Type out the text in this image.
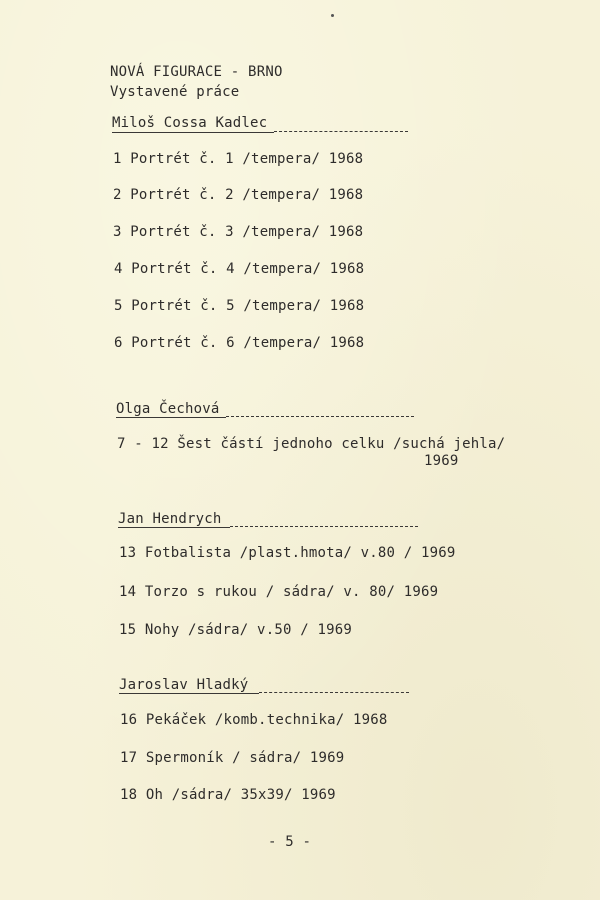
NOVÁ FIGURACE - BRNO
Vystavené práce
Miloš Cossa Kadlec
1 Portrét č. 1 /tempera/ 1968
2 Portrét č. 2 /tempera/ 1968
3 Portrét č. 3 /tempera/ 1968
4 Portrét č. 4 /tempera/ 1968
5 Portrét č. 5 /tempera/ 1968
6 Portrét č. 6 /tempera/ 1968
Olga Čechová
7 - 12 Šest částí jednoho celku /suchá jehla/
1969
Jan Hendrych
13 Fotbalista /plast.hmota/ v.80 / 1969
14 Torzo s rukou / sádra/ v. 80/ 1969
15 Nohy /sádra/ v.50 / 1969
Jaroslav Hladký
16 Pekáček /komb.technika/ 1968
17 Spermoník / sádra/ 1969
18 Oh /sádra/ 35x39/ 1969
- 5 -
